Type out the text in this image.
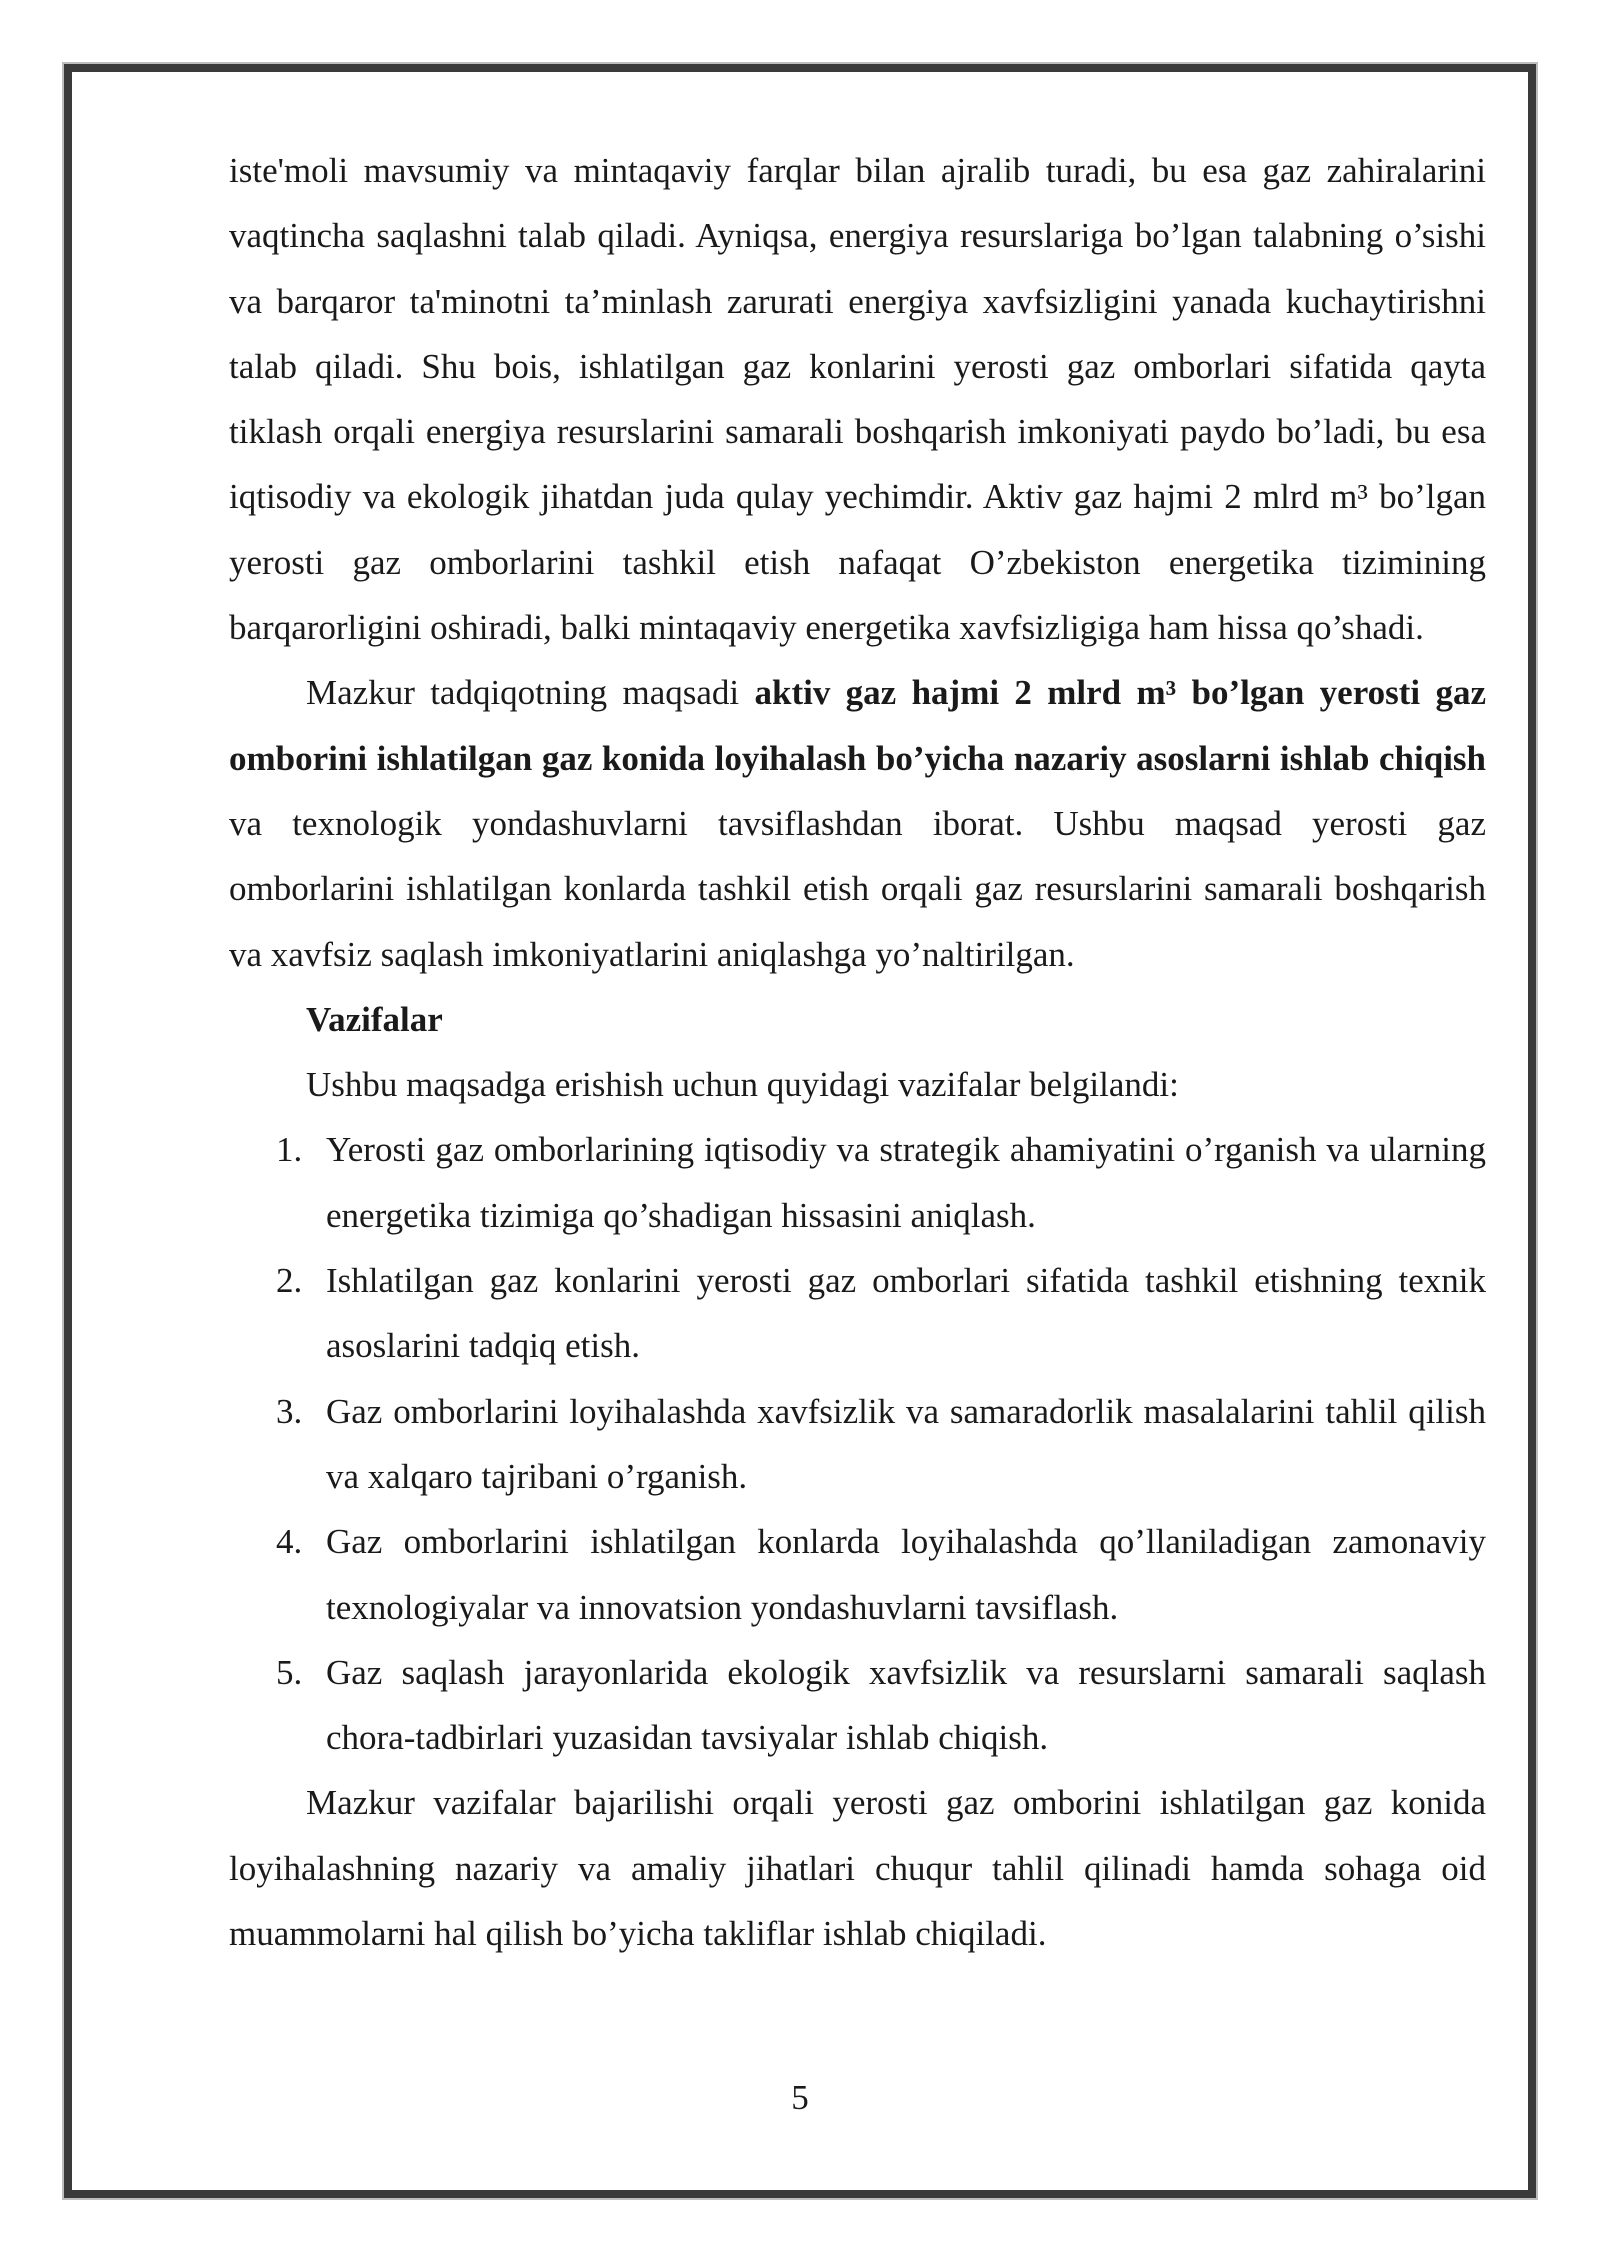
iste'moli mavsumiy va mintaqaviy farqlar bilan ajralib turadi, bu esa gaz zahiralarini vaqtincha saqlashni talab qiladi. Ayniqsa, energiya resurslariga bo’lgan talabning o’sishi va barqaror ta'minotni ta’minlash zarurati energiya xavfsizligini yanada kuchaytirishni talab qiladi. Shu bois, ishlatilgan gaz konlarini yerosti gaz omborlari sifatida qayta tiklash orqali energiya resurslarini samarali boshqarish imkoniyati paydo bo’ladi, bu esa iqtisodiy va ekologik jihatdan juda qulay yechimdir. Aktiv gaz hajmi 2 mlrd m³ bo’lgan yerosti gaz omborlarini tashkil etish nafaqat O’zbekiston energetika tizimining barqarorligini oshiradi, balki mintaqaviy energetika xavfsizligiga ham hissa qo’shadi.

Mazkur tadqiqotning maqsadi aktiv gaz hajmi 2 mlrd m³ bo’lgan yerosti gaz omborini ishlatilgan gaz konida loyihalash bo’yicha nazariy asoslarni ishlab chiqish va texnologik yondashuvlarni tavsiflashdan iborat. Ushbu maqsad yerosti gaz omborlarini ishlatilgan konlarda tashkil etish orqali gaz resurslarini samarali boshqarish va xavfsiz saqlash imkoniyatlarini aniqlashga yo’naltirilgan.

Vazifalar
Ushbu maqsadga erishish uchun quyidagi vazifalar belgilandi:
1. Yerosti gaz omborlarining iqtisodiy va strategik ahamiyatini o’rganish va ularning energetika tizimiga qo’shadigan hissasini aniqlash.
2. Ishlatilgan gaz konlarini yerosti gaz omborlari sifatida tashkil etishning texnik asoslarini tadqiq etish.
3. Gaz omborlarini loyihalashda xavfsizlik va samaradorlik masalalarini tahlil qilish va xalqaro tajribani o’rganish.
4. Gaz omborlarini ishlatilgan konlarda loyihalashda qo’llaniladigan zamonaviy texnologiyalar va innovatsion yondashuvlarni tavsiflash.
5. Gaz saqlash jarayonlarida ekologik xavfsizlik va resurslarni samarali saqlash chora-tadbirlari yuzasidan tavsiyalar ishlab chiqish.

Mazkur vazifalar bajarilishi orqali yerosti gaz omborini ishlatilgan gaz konida loyihalashning nazariy va amaliy jihatlari chuqur tahlil qilinadi hamda sohaga oid muammolarni hal qilish bo’yicha takliflar ishlab chiqiladi.

5
